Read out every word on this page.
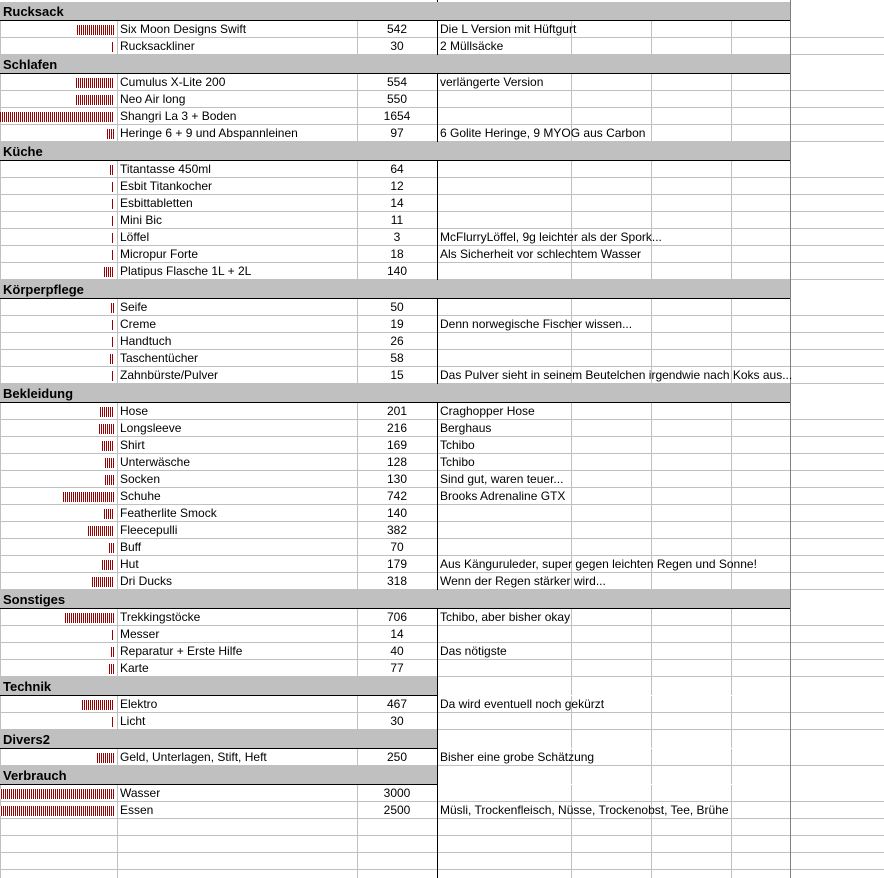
Rucksack
Six Moon Designs Swift	542	Die L Version mit Hüftgurt
Rucksackliner	30	2 Müllsäcke
Schlafen
Cumulus X-Lite 200	554	verlängerte Version
Neo Air long	550
Shangri La 3 + Boden	1654
Heringe 6 + 9 und Abspannleinen	97	6 Golite Heringe, 9 MYOG aus Carbon
Küche
Titantasse 450ml	64
Esbit Titankocher	12
Esbittabletten	14
Mini Bic	11
Löffel	3	McFlurryLöffel, 9g leichter als der Spork...
Micropur Forte	18	Als Sicherheit vor schlechtem Wasser
Platipus Flasche 1L + 2L	140
Körperpflege
Seife	50
Creme	19	Denn norwegische Fischer wissen...
Handtuch	26
Taschentücher	58
Zahnbürste/Pulver	15	Das Pulver sieht in seinem Beutelchen irgendwie nach Koks aus...
Bekleidung
Hose	201	Craghopper Hose
Longsleeve	216	Berghaus
Shirt	169	Tchibo
Unterwäsche	128	Tchibo
Socken	130	Sind gut, waren teuer...
Schuhe	742	Brooks Adrenaline GTX
Featherlite Smock	140
Fleecepulli	382
Buff	70
Hut	179	Aus Känguruleder, super gegen leichten Regen und Sonne!
Dri Ducks	318	Wenn der Regen stärker wird...
Sonstiges
Trekkingstöcke	706	Tchibo, aber bisher okay
Messer	14
Reparatur + Erste Hilfe	40	Das nötigste
Karte	77
Technik
Elektro	467	Da wird eventuell noch gekürzt
Licht	30
Divers2
Geld, Unterlagen, Stift, Heft	250	Bisher eine grobe Schätzung
Verbrauch
Wasser	3000
Essen	2500	Müsli, Trockenfleisch, Nüsse, Trockenobst, Tee, Brühe
